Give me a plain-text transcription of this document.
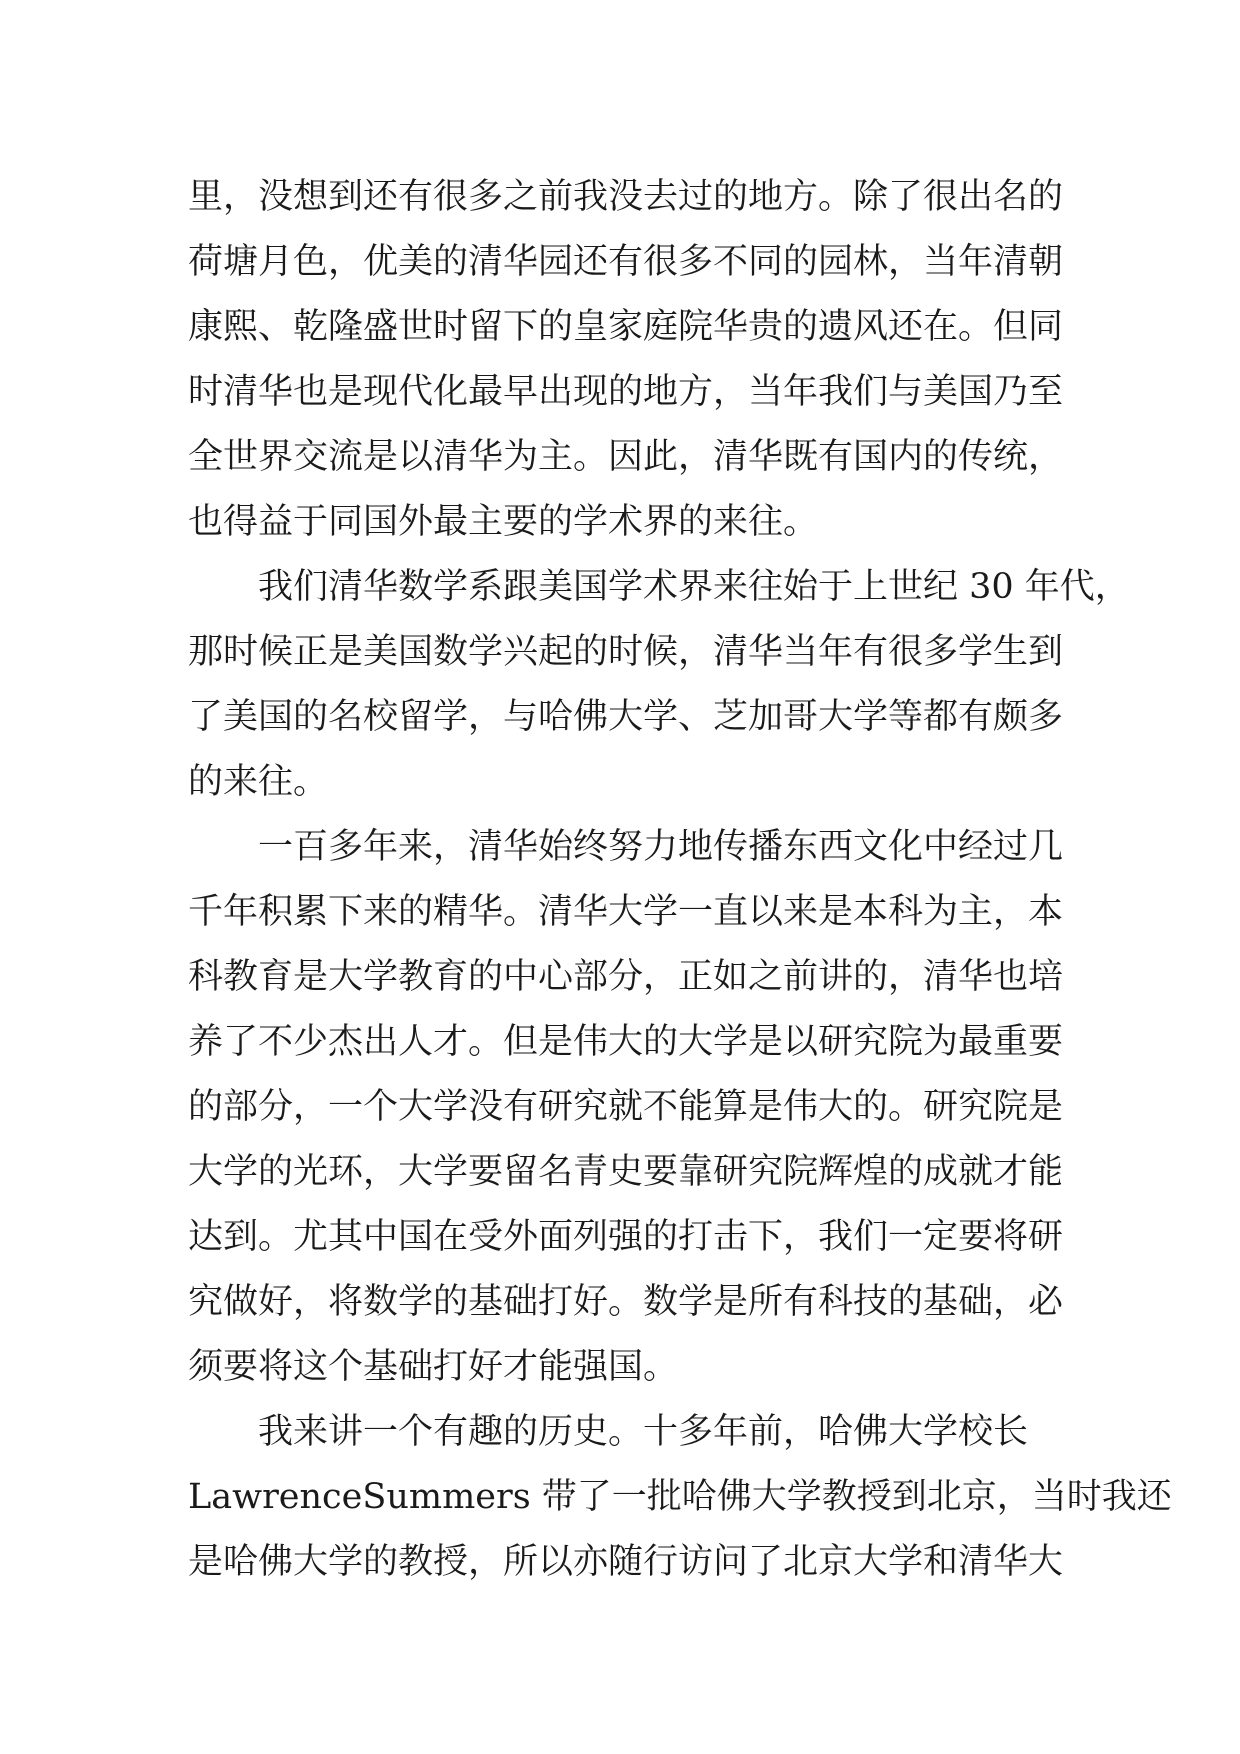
里，没想到还有很多之前我没去过的地方。除了很出名的
荷塘月色，优美的清华园还有很多不同的园林，当年清朝
康熙、乾隆盛世时留下的皇家庭院华贵的遗风还在。但同
时清华也是现代化最早出现的地方，当年我们与美国乃至
全世界交流是以清华为主。因此，清华既有国内的传统，
也得益于同国外最主要的学术界的来往。
我们清华数学系跟美国学术界来往始于上世纪 30 年代，
那时候正是美国数学兴起的时候，清华当年有很多学生到
了美国的名校留学，与哈佛大学、芝加哥大学等都有颇多
的来往。
一百多年来，清华始终努力地传播东西文化中经过几
千年积累下来的精华。清华大学一直以来是本科为主，本
科教育是大学教育的中心部分，正如之前讲的，清华也培
养了不少杰出人才。但是伟大的大学是以研究院为最重要
的部分，一个大学没有研究就不能算是伟大的。研究院是
大学的光环，大学要留名青史要靠研究院辉煌的成就才能
达到。尤其中国在受外面列强的打击下，我们一定要将研
究做好，将数学的基础打好。数学是所有科技的基础，必
须要将这个基础打好才能强国。
我来讲一个有趣的历史。十多年前，哈佛大学校长
LawrenceSummers 带了一批哈佛大学教授到北京，当时我还
是哈佛大学的教授，所以亦随行访问了北京大学和清华大
